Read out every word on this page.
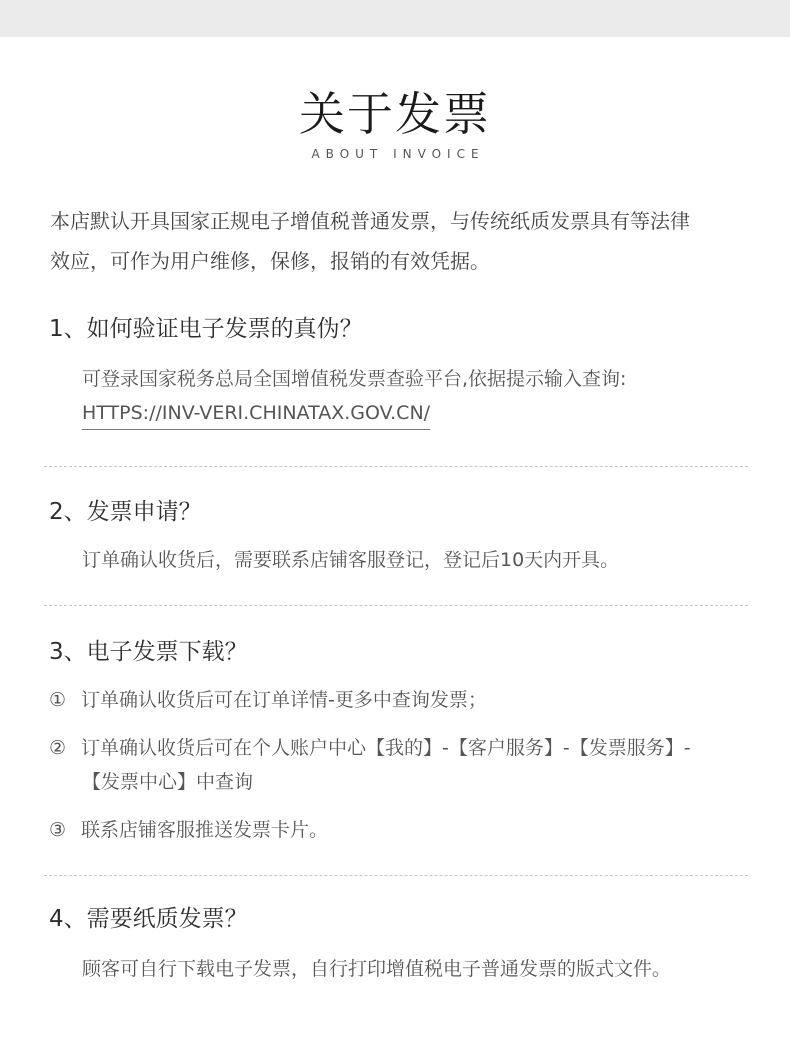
关于发票
ABOUT INVOICE
本店默认开具国家正规电子增值税普通发票，与传统纸质发票具有等法律
效应，可作为用户维修，保修，报销的有效凭据。
1、如何验证电子发票的真伪？
可登录国家税务总局全国增值税发票查验平台,依据提示输入查询:
HTTPS://INV-VERI.CHINATAX.GOV.CN/
2、发票申请？
订单确认收货后，需要联系店铺客服登记，登记后10天内开具。
3、电子发票下载？
① 订单确认收货后可在订单详情-更多中查询发票；
② 订单确认收货后可在个人账户中心【我的】-【客户服务】-【发票服务】-
【发票中心】中查询
③ 联系店铺客服推送发票卡片。
4、需要纸质发票？
顾客可自行下载电子发票，自行打印增值税电子普通发票的版式文件。
